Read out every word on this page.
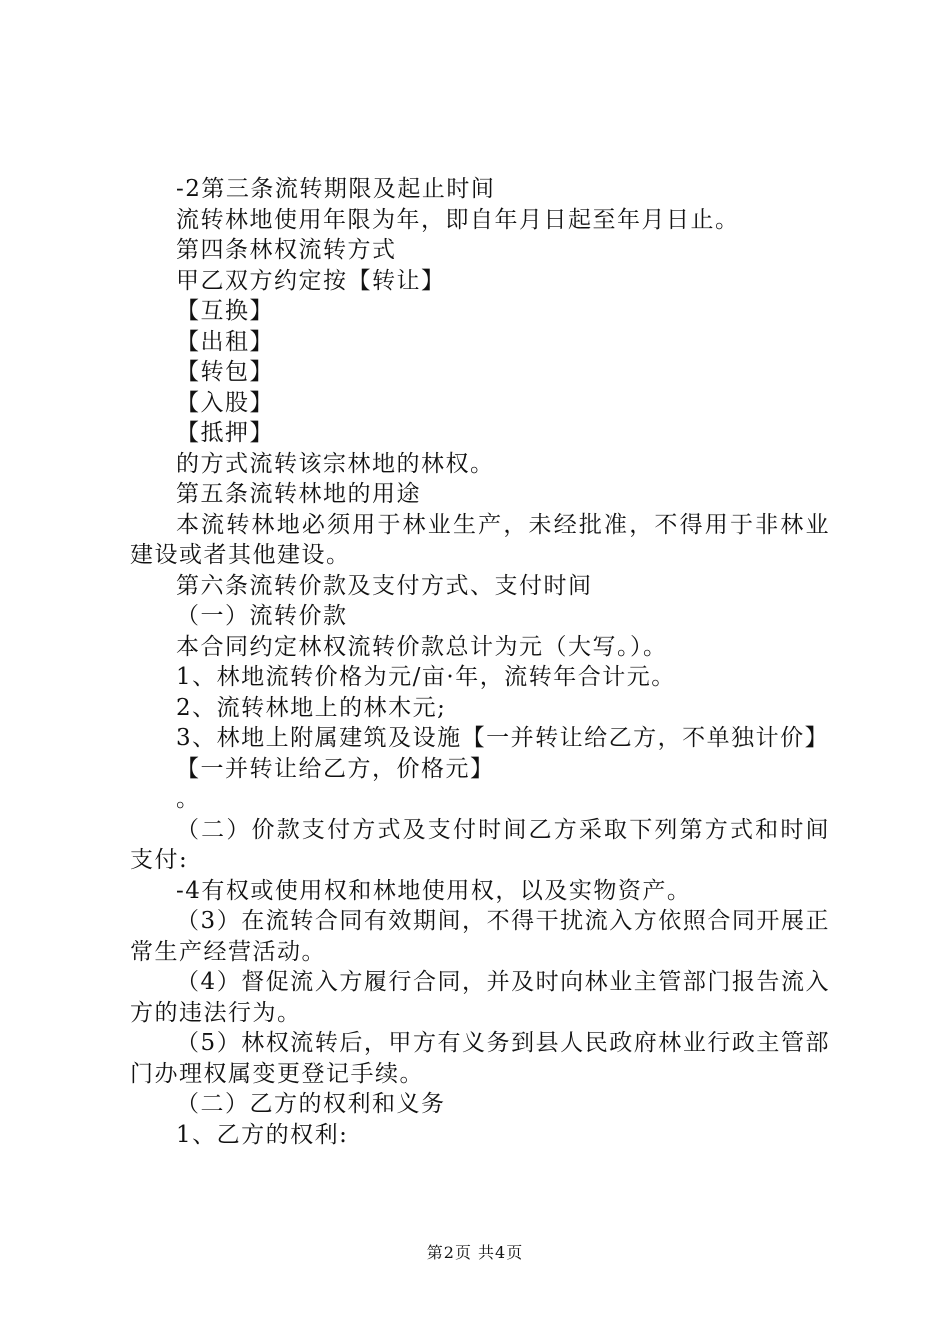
-2第三条流转期限及起止时间

流转林地使用年限为年，即自年月日起至年月日止。

第四条林权流转方式

甲乙双方约定按【转让】

【互换】

【出租】

【转包】

【入股】

【抵押】

的方式流转该宗林地的林权。

第五条流转林地的用途

本流转林地必须用于林业生产，未经批准，不得用于非林业建设或者其他建设。

第六条流转价款及支付方式、支付时间

（一）流转价款

本合同约定林权流转价款总计为元（大写。）。

1、林地流转价格为元/亩·年，流转年合计元。

2、流转林地上的林木元;

3、林地上附属建筑及设施【一并转让给乙方，不单独计价】

【一并转让给乙方，价格元】

。

（二）价款支付方式及支付时间乙方采取下列第方式和时间支付:

-4有权或使用权和林地使用权，以及实物资产。

（3）在流转合同有效期间，不得干扰流入方依照合同开展正常生产经营活动。

（4）督促流入方履行合同，并及时向林业主管部门报告流入方的违法行为。

（5）林权流转后，甲方有义务到县人民政府林业行政主管部门办理权属变更登记手续。

（二）乙方的权利和义务

1、乙方的权利:

第2页 共4页
